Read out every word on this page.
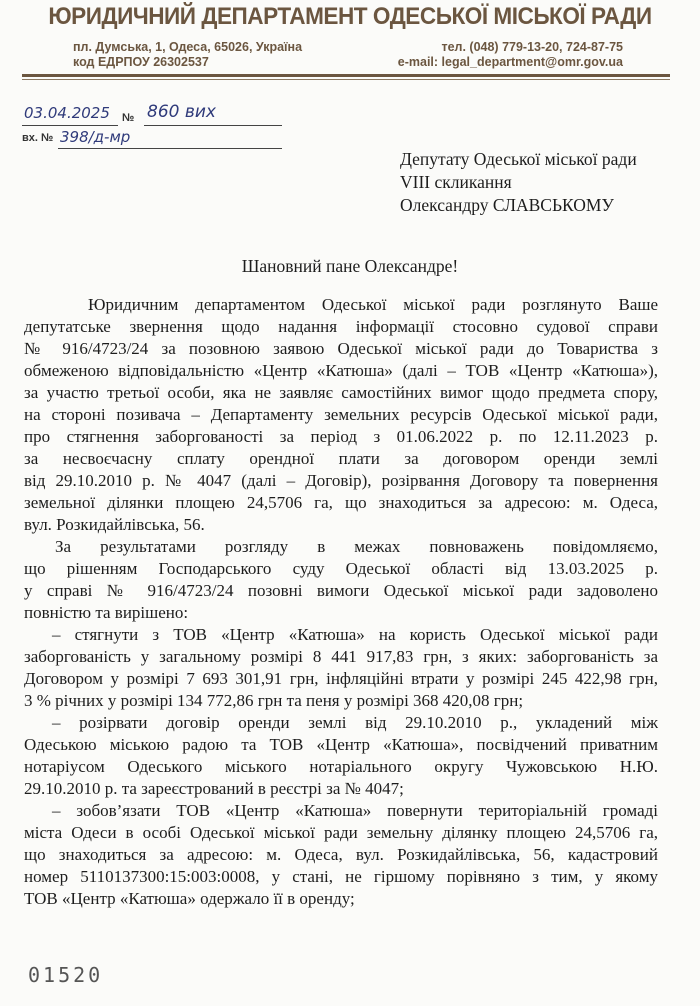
ЮРИДИЧНИЙ ДЕПАРТАМЕНТ ОДЕСЬКОЇ МІСЬКОЇ РАДИ
пл. Думська, 1, Одеса, 65026, Україна
код ЕДРПОУ 26302537
тел. (048) 779-13-20, 724-87-75
e-mail: legal_department@omr.gov.ua
03.04.2025 № 860 вих
вх. № 398/д-мр
Депутату Одеської міської ради
VIII скликання
Олександру СЛАВСЬКОМУ
Шановний пане Олександре!
Юридичним департаментом Одеської міської ради розглянуто Ваше
депутатське звернення щодо надання інформації стосовно судової справи
№ 916/4723/24 за позовною заявою Одеської міської ради до Товариства з
обмеженою відповідальністю «Центр «Катюша» (далі – ТОВ «Центр «Катюша»),
за участю третьої особи, яка не заявляє самостійних вимог щодо предмета спору,
на стороні позивача – Департаменту земельних ресурсів Одеської міської ради,
про стягнення заборгованості за період з 01.06.2022 р. по 12.11.2023 р.
за несвоєчасну сплату орендної плати за договором оренди землі
від 29.10.2010 р. № 4047 (далі – Договір), розірвання Договору та повернення
земельної ділянки площею 24,5706 га, що знаходиться за адресою: м. Одеса,
вул. Розкидайлівська, 56.
За результатами розгляду в межах повноважень повідомляємо,
що рішенням Господарського суду Одеської області від 13.03.2025 р.
у справі № 916/4723/24 позовні вимоги Одеської міської ради задоволено
повністю та вирішено:
– стягнути з ТОВ «Центр «Катюша» на користь Одеської міської ради
заборгованість у загальному розмірі 8 441 917,83 грн, з яких: заборгованість за
Договором у розмірі 7 693 301,91 грн, інфляційні втрати у розмірі 245 422,98 грн,
3 % річних у розмірі 134 772,86 грн та пеня у розмірі 368 420,08 грн;
– розірвати договір оренди землі від 29.10.2010 р., укладений між
Одеською міською радою та ТОВ «Центр «Катюша», посвідчений приватним
нотаріусом Одеського міського нотаріального округу Чужовською Н.Ю.
29.10.2010 р. та зареєстрований в реєстрі за № 4047;
– зобов’язати ТОВ «Центр «Катюша» повернути територіальній громаді
міста Одеси в особі Одеської міської ради земельну ділянку площею 24,5706 га,
що знаходиться за адресою: м. Одеса, вул. Розкидайлівська, 56, кадастровий
номер 5110137300:15:003:0008, у стані, не гіршому порівняно з тим, у якому
ТОВ «Центр «Катюша» одержало її в оренду;
01520
